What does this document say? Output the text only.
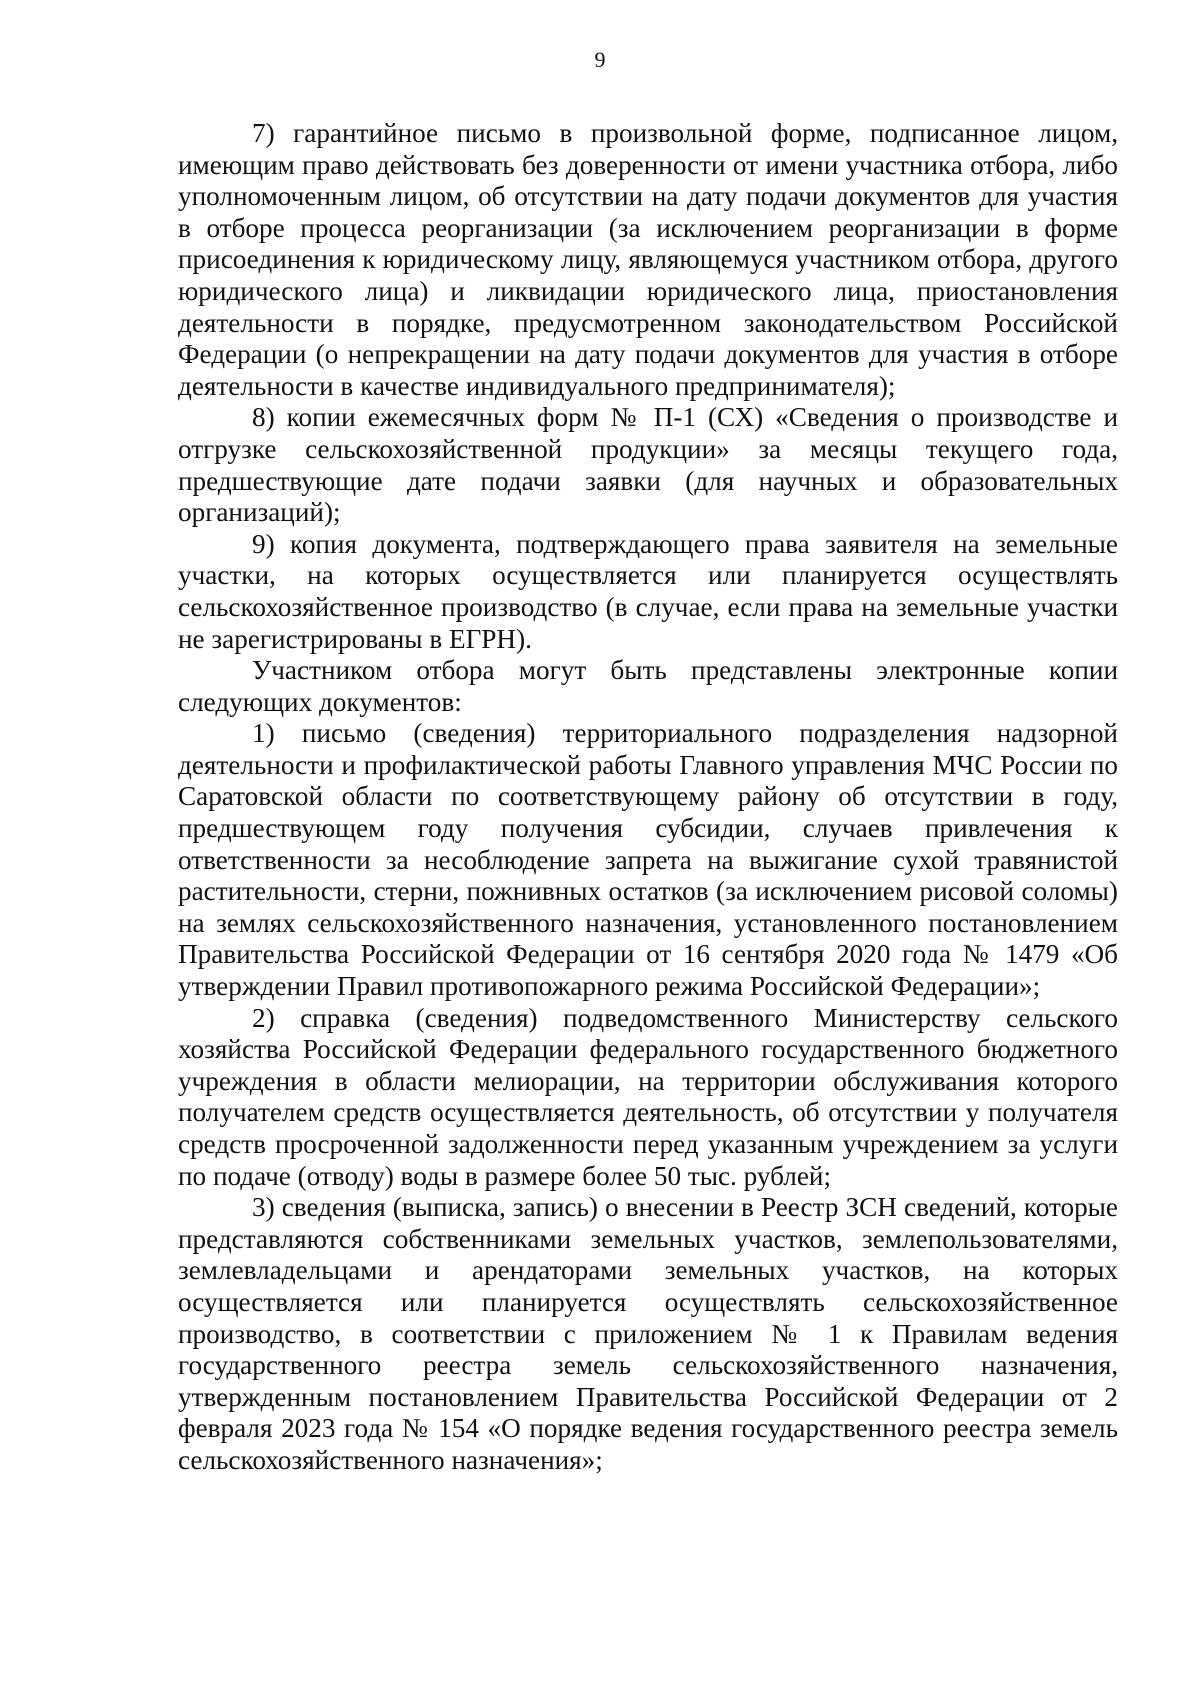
9

7) гарантийное письмо в произвольной форме, подписанное лицом, имеющим право действовать без доверенности от имени участника отбора, либо уполномоченным лицом, об отсутствии на дату подачи документов для участия в отборе процесса реорганизации (за исключением реорганизации в форме присоединения к юридическому лицу, являющемуся участником отбора, другого юридического лица) и ликвидации юридического лица, приостановления деятельности в порядке, предусмотренном законодательством Российской Федерации (о непрекращении на дату подачи документов для участия в отборе деятельности в качестве индивидуального предпринимателя);

8) копии ежемесячных форм № П-1 (СХ) «Сведения о производстве и отгрузке сельскохозяйственной продукции» за месяцы текущего года, предшествующие дате подачи заявки (для научных и образовательных организаций);

9) копия документа, подтверждающего права заявителя на земельные участки, на которых осуществляется или планируется осуществлять сельскохозяйственное производство (в случае, если права на земельные участки не зарегистрированы в ЕГРН).

Участником отбора могут быть представлены электронные копии следующих документов:

1) письмо (сведения) территориального подразделения надзорной деятельности и профилактической работы Главного управления МЧС России по Саратовской области по соответствующему району об отсутствии в году, предшествующем году получения субсидии, случаев привлечения к ответственности за несоблюдение запрета на выжигание сухой травянистой растительности, стерни, пожнивных остатков (за исключением рисовой соломы) на землях сельскохозяйственного назначения, установленного постановлением Правительства Российской Федерации от 16 сентября 2020 года № 1479 «Об утверждении Правил противопожарного режима Российской Федерации»;

2) справка (сведения) подведомственного Министерству сельского хозяйства Российской Федерации федерального государственного бюджетного учреждения в области мелиорации, на территории обслуживания которого получателем средств осуществляется деятельность, об отсутствии у получателя средств просроченной задолженности перед указанным учреждением за услуги по подаче (отводу) воды в размере более 50 тыс. рублей;

3) сведения (выписка, запись) о внесении в Реестр ЗСН сведений, которые представляются собственниками земельных участков, землепользователями, землевладельцами и арендаторами земельных участков, на которых осуществляется или планируется осуществлять сельскохозяйственное производство, в соответствии с приложением № 1 к Правилам ведения государственного реестра земель сельскохозяйственного назначения, утвержденным постановлением Правительства Российской Федерации от 2 февраля 2023 года № 154 «О порядке ведения государственного реестра земель сельскохозяйственного назначения»;
